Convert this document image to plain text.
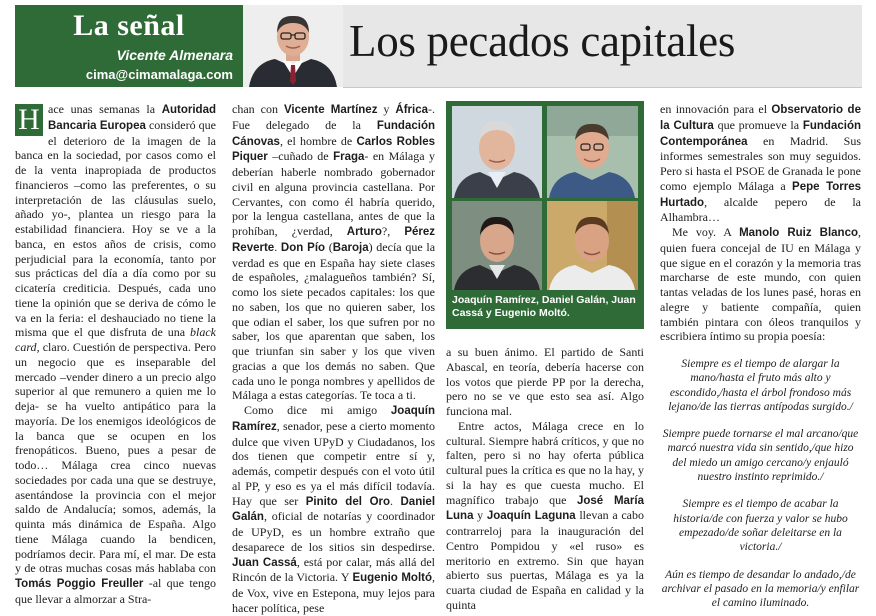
La señal
Vicente Almenara
cima@cimamalaga.com
Los pecados capitales

H ace unas semanas la Autoridad Bancaria Europea consideró que el deterioro de la imagen de la banca en la sociedad, por casos como el de la venta inapropiada de productos financieros –como las preferentes, o su interpretación de las cláusulas suelo, añado yo-, plantea un riesgo para la estabilidad financiera. Hoy se ve a la banca, en estos años de crisis, como perjudicial para la economía, tanto por sus prácticas del día a día como por su cicatería crediticia. Después, cada uno tiene la opinión que se deriva de cómo le va en la feria: el deshauciado no tiene la misma que el que disfruta de una black card, claro. Cuestión de perspectiva. Pero un negocio que es inseparable del mercado –vender dinero a un precio algo superior al que remunero a quien me lo deja- se ha vuelto antipático para la mayoría. De los enemigos ideológicos de la banca que se ocupen en los frenopáticos. Bueno, pues a pesar de todo… Málaga crea cinco nuevas sociedades por cada una que se destruye, asentándose la provincia con el mejor saldo de Andalucía; somos, además, la quinta más dinámica de España. Algo tiene Málaga cuando la bendicen, podríamos decir. Para mí, el mar. De esta y de otras muchas cosas más hablaba con Tomás Poggio Freuller -al que tengo que llevar a almorzar a Stra-

chan con Vicente Martínez y África-. Fue delegado de la Fundación Cánovas, el hombre de Carlos Robles Piquer –cuñado de Fraga- en Málaga y deberían haberle nombrado gobernador civil en alguna provincia castellana. Por Cervantes, con como él habría querido, por la lengua castellana, antes de que la prohíban, ¿verdad, Arturo?, Pérez Reverte. Don Pío (Baroja) decía que la verdad es que en España hay siete clases de españoles, ¿malagueños también? Sí, como los siete pecados capitales: los que no saben, los que no quieren saber, los que odian el saber, los que sufren por no saber, los que aparentan que saben, los que triunfan sin saber y los que viven gracias a que los demás no saben. Que cada uno le ponga nombres y apellidos de Málaga a estas categorías. Te toca a ti.

Como dice mi amigo Joaquín Ramírez, senador, pese a cierto momento dulce que viven UPyD y Ciudadanos, los dos tienen que competir entre sí y, además, competir después con el voto útil al PP, y eso es ya el más difícil todavía. Hay que ser Pinito del Oro. Daniel Galán, oficial de notarías y coordinador de UPyD, es un hombre extraño que desaparece de los sitios sin despedirse. Juan Cassá, está por calar, más allá del Rincón de la Victoria. Y Eugenio Moltó, de Vox, vive en Estepona, muy lejos para hacer política, pese

Joaquín Ramírez, Daniel Galán, Juan Cassá y Eugenio Moltó.

a su buen ánimo. El partido de Santi Abascal, en teoría, debería hacerse con los votos que pierde PP por la derecha, pero no se ve que esto sea así. Algo funciona mal.

Entre actos, Málaga crece en lo cultural. Siempre habrá críticos, y que no falten, pero si no hay oferta pública cultural pues la crítica es que no la hay, y si la hay es que cuesta mucho. El magnífico trabajo que José María Luna y Joaquín Laguna llevan a cabo contrarreloj para la inauguración del Centro Pompidou y «el ruso» es meritorio en extremo. Sin que hayan abierto sus puertas, Málaga es ya la cuarta ciudad de España en calidad y la quinta

en innovación para el Observatorio de la Cultura que promueve la Fundación Contemporánea en Madrid. Sus informes semestrales son muy seguidos. Pero si hasta el PSOE de Granada le pone como ejemplo Málaga a Pepe Torres Hurtado, alcalde pepero de la Alhambra…

Me voy. A Manolo Ruiz Blanco, quien fuera concejal de IU en Málaga y que sigue en el corazón y la memoria tras marcharse de este mundo, con quien tantas veladas de los lunes pasé, horas en alegre y batiente compañía, quien también pintara con óleos tranquilos y escribiera íntimo su propia poesía:

Siempre es el tiempo de alargar la mano/hasta el fruto más alto y escondido,/hasta el árbol frondoso más lejano/de las tierras antípodas surgido./

Siempre puede tornarse el mal arcano/que marcó nuestra vida sin sentido,/que hizo del miedo un amigo cercano/y enjauló nuestro instinto reprimido./

Siempre es el tiempo de acabar la historia/de con fuerza y valor se hubo empezado/de soñar deleitarse en la victoria./

Aún es tiempo de desandar lo andado,/de archivar el pasado en la memoria/y enfilar el camino iluminado.
